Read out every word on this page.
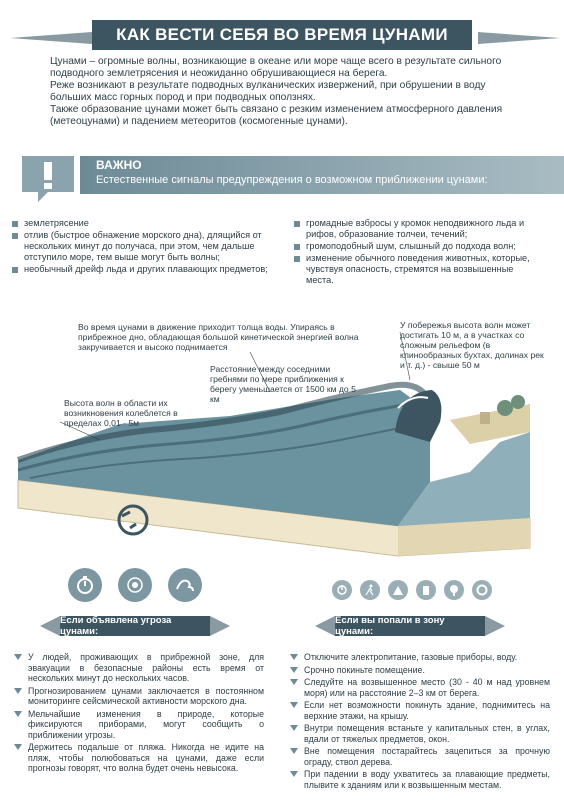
КАК ВЕСТИ СЕБЯ ВО ВРЕМЯ ЦУНАМИ

Цунами – огромные волны, возникающие в океане или море чаще всего в результате сильного подводного землетрясения и неожиданно обрушивающиеся на берега.

Реже возникают в результате подводных вулканических извержений, при обрушении в воду больших масс горных пород и при подводных оползнях.

Также образование цунами может быть связано с резким изменением атмосферного давления (метеоцунами) и падением метеоритов (космогенные цунами).

ВАЖНО
Естественные сигналы предупреждения о возможном приближении цунами:
землетрясение
отлив (быстрое обнажение морского дна), длящийся от нескольких минут до получаса, при этом, чем дальше отступило море, тем выше могут быть волны;
необычный дрейф льда и других плавающих предметов;
громадные взбросы у кромок неподвижного льда и рифов, образование толчеи, течений;
громоподобный шум, слышный до подхода волн;
изменение обычного поведения животных, которые, чувствуя опасность, стремятся на возвышенные места.
Во время цунами в движение приходит толща воды. Упираясь в прибрежное дно, обладающая большой кинетической энергией волна закручивается и высоко поднимается
У побережья высота волн может достигать 10 м, а в участках со сложным рельефом (в клинообразных бухтах, долинах рек и т. д.) - свыше 50 м
Расстояние между соседними гребнями по мере приближения к берегу уменьшается от 1500 км до 5 км
Высота волн в области их возникновения колеблется в пределах 0,01 - 5м
Если объявлена угроза цунами:
Если вы попали в зону цунами:
У людей, проживающих в прибрежной зоне, для эвакуации в безопасные районы есть время от нескольких минут до нескольких часов.
Прогнозированием цунами заключается в постоянном мониторинге сейсмической активности морского дна.
Мельчайшие изменения в природе, которые фиксируются приборами, могут сообщить о приближении угрозы.
Держитесь подальше от пляжа. Никогда не идите на пляж, чтобы полюбоваться на цунами, даже если прогнозы говорят, что волна будет очень невысока.
Отключите электропитание, газовые приборы, воду.
Срочно покиньте помещение.
Следуйте на возвышенное место (30 - 40 м над уровнем моря) или на расстояние 2–3 км от берега.
Если нет возможности покинуть здание, поднимитесь на верхние этажи, на крышу.
Внутри помещения встаньте у капитальных стен, в углах, вдали от тяжелых предметов, окон.
Вне помещения постарайтесь зацепиться за прочную ограду, ствол дерева.
При падении в воду ухватитесь за плавающие предметы, плывите к зданиям или к возвышенным местам.
